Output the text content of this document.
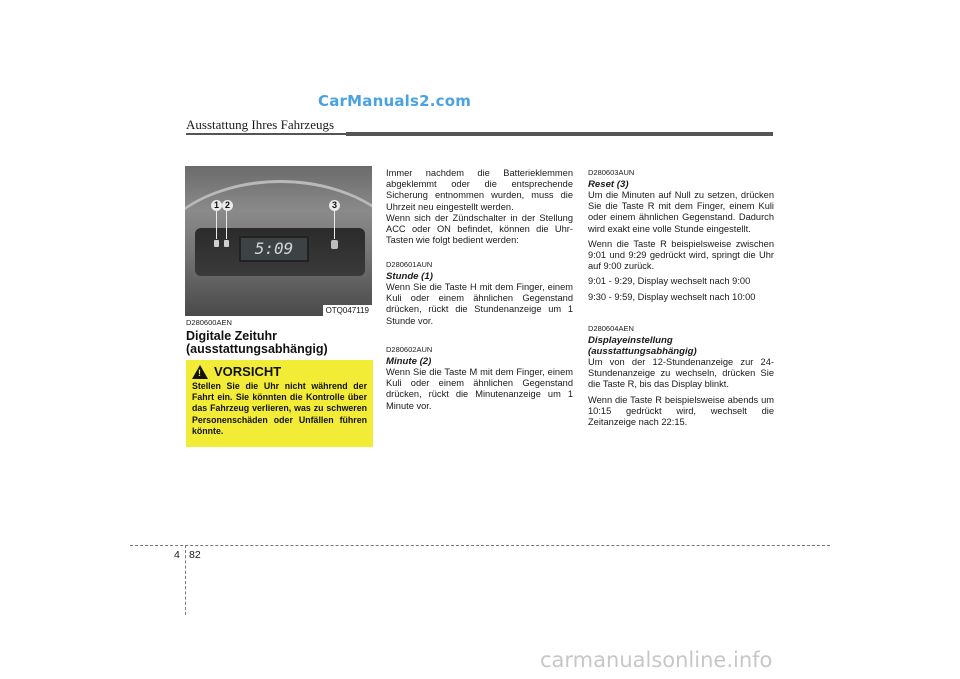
CarManuals2.com
Ausstattung Ihres Fahrzeugs
5:09
1 2	3
OTQ047119
D280600AEN
Digitale Zeituhr
(ausstattungsabhängig)
! VORSICHT
Stellen Sie die Uhr nicht während der Fahrt ein. Sie könnten die Kontrolle über das Fahrzeug verlieren, was zu schweren Personenschäden oder Unfällen führen könnte.

Immer nachdem die Batterieklemmen abgeklemmt oder die entsprechende Sicherung entnommen wurden, muss die Uhrzeit neu eingestellt werden.

Wenn sich der Zündschalter in der Stellung ACC oder ON befindet, können die Uhr-Tasten wie folgt bedient werden:

D280601AUN
Stunde (1)

Wenn Sie die Taste H mit dem Finger, einem Kuli oder einem ähnlichen Gegenstand drücken, rückt die Stundenanzeige um 1 Stunde vor.

D280602AUN
Minute (2)

Wenn Sie die Taste M mit dem Finger, einem Kuli oder einem ähnlichen Gegenstand drücken, rückt die Minutenanzeige um 1 Minute vor.

D280603AUN
Reset (3)

Um die Minuten auf Null zu setzen, drücken Sie die Taste R mit dem Finger, einem Kuli oder einem ähnlichen Gegenstand. Dadurch wird exakt eine volle Stunde eingestellt.

Wenn die Taste R beispielsweise zwischen 9:01 und 9:29 gedrückt wird, springt die Uhr auf 9:00 zurück.

9:01 - 9:29, Display wechselt nach 9:00

9:30 - 9:59, Display wechselt nach 10:00

D280604AEN
Displayeinstellung
(ausstattungsabhängig)

Um von der 12-Stundenanzeige zur 24-Stundenanzeige zu wechseln, drücken Sie die Taste R, bis das Display blinkt.

Wenn die Taste R beispielsweise abends um 10:15 gedrückt wird, wechselt die Zeitanzeige nach 22:15.

4 82
carmanualsonline.info
